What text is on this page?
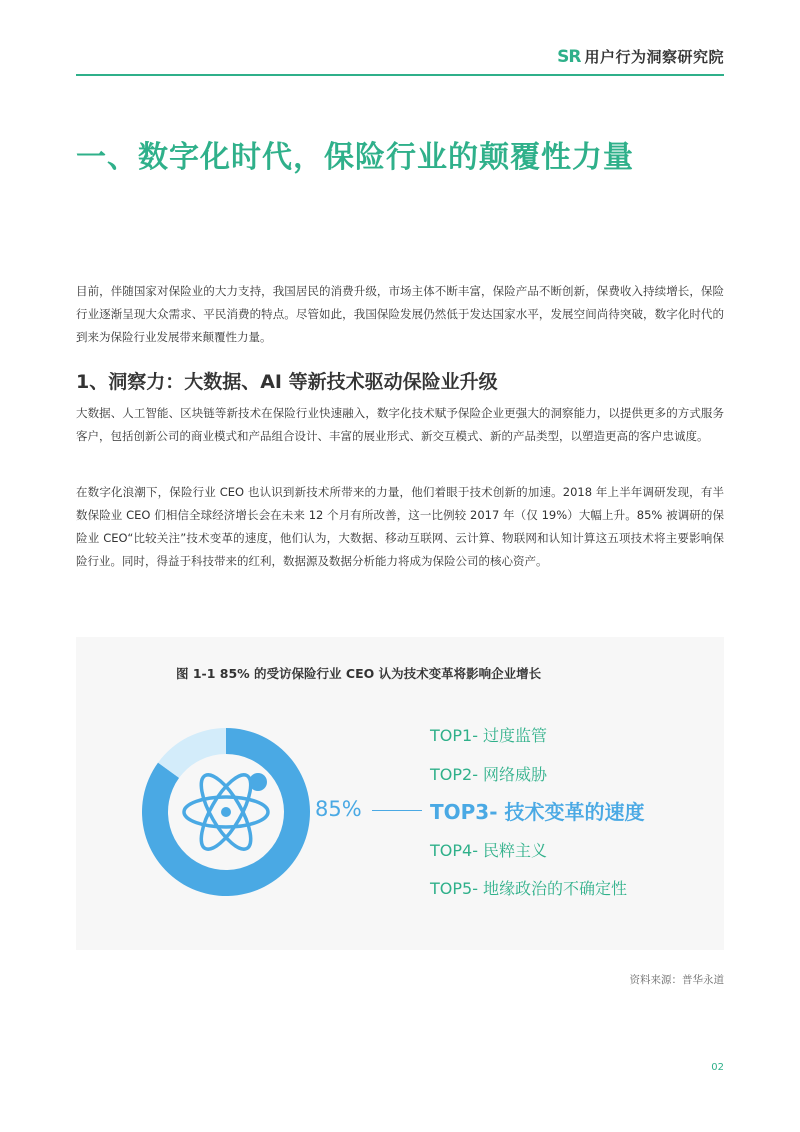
SR 用户行为洞察研究院
一、数字化时代，保险行业的颠覆性力量

目前，伴随国家对保险业的大力支持，我国居民的消费升级，市场主体不断丰富，保险产品不断创新，保费收入持续增长，保险行业逐渐呈现大众需求、平民消费的特点。尽管如此，我国保险发展仍然低于发达国家水平，发展空间尚待突破，数字化时代的到来为保险行业发展带来颠覆性力量。

1、洞察力：大数据、AI 等新技术驱动保险业升级

大数据、人工智能、区块链等新技术在保险行业快速融入，数字化技术赋予保险企业更强大的洞察能力，以提供更多的方式服务客户，包括创新公司的商业模式和产品组合设计、丰富的展业形式、新交互模式、新的产品类型，以塑造更高的客户忠诚度。

在数字化浪潮下，保险行业 CEO 也认识到新技术所带来的力量，他们着眼于技术创新的加速。2018 年上半年调研发现，有半数保险业 CEO 们相信全球经济增长会在未来 12 个月有所改善，这一比例较 2017 年（仅 19%）大幅上升。85% 被调研的保险业 CEO“比较关注”技术变革的速度，他们认为，大数据、移动互联网、云计算、物联网和认知计算这五项技术将主要影响保险行业。同时，得益于科技带来的红利，数据源及数据分析能力将成为保险公司的核心资产。

图 1-1 85% 的受访保险行业 CEO 认为技术变革将影响企业增长
85%
TOP1- 过度监管
TOP2- 网络威胁
TOP3- 技术变革的速度
TOP4- 民粹主义
TOP5- 地缘政治的不确定性
资料来源：普华永道
02
